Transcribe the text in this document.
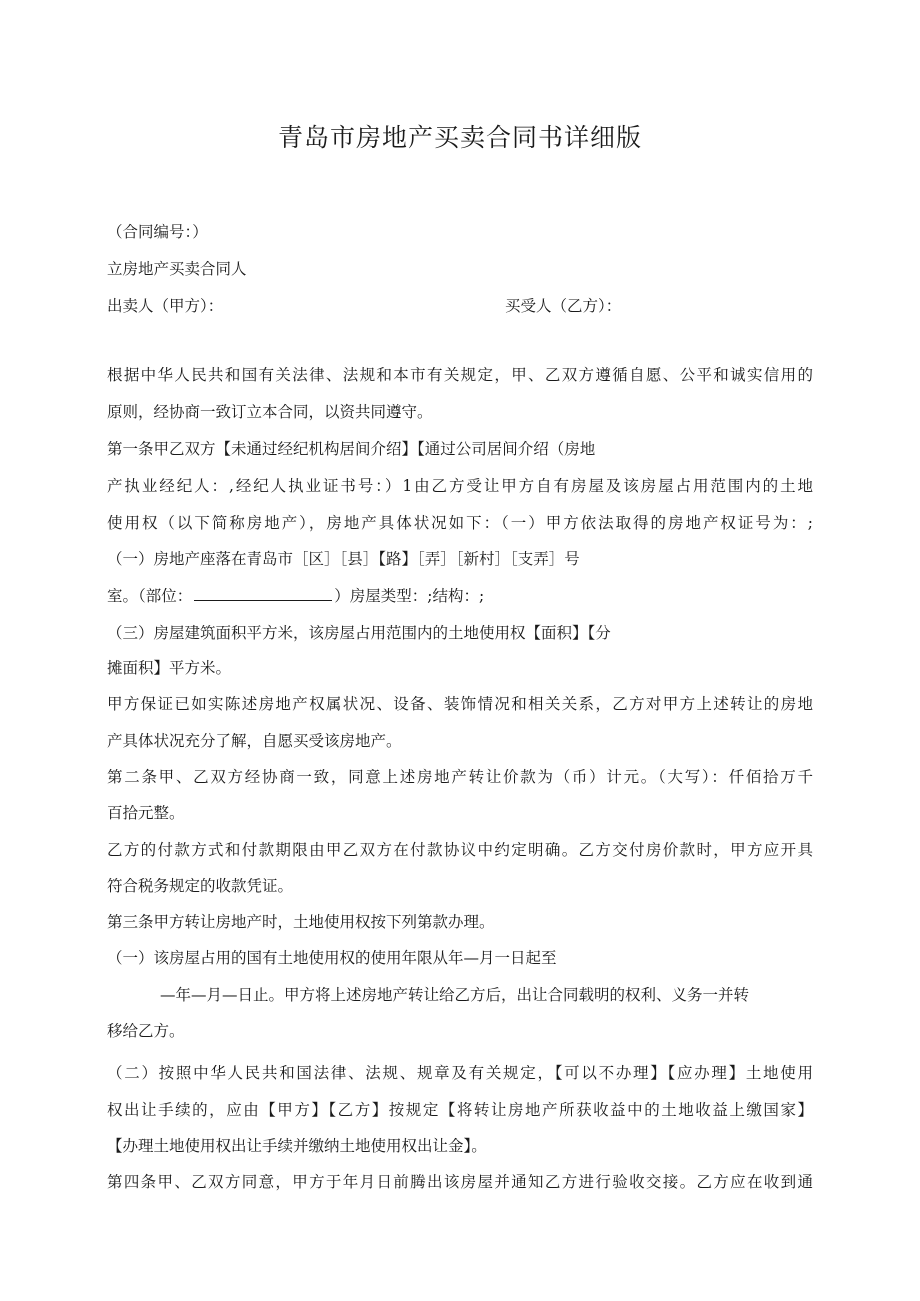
青岛市房地产买卖合同书详细版

（合同编号：）

立房地产买卖合同人

出卖人（甲方）：	买受人（乙方）：

根据中华人民共和国有关法律、法规和本市有关规定，甲、乙双方遵循自愿、公平和诚实信用的

原则，经协商一致订立本合同，以资共同遵守。

第一条甲乙双方【未通过经纪机构居间介绍】【通过公司居间介绍（房地

产执业经纪人：,经纪人执业证书号：）1由乙方受让甲方自有房屋及该房屋占用范围内的土地

使用权（以下简称房地产），房地产具体状况如下：（一）甲方依法取得的房地产权证号为：;

（一）房地产座落在青岛市［区］［县］【路】［弄］［新村］［支弄］号

室。（部位：	）房屋类型：;结构：;

（三）房屋建筑面积平方米，该房屋占用范围内的土地使用权【面积】【分

摊面积】平方米。

甲方保证已如实陈述房地产权属状况、设备、装饰情况和相关关系，乙方对甲方上述转让的房地

产具体状况充分了解，自愿买受该房地产。

第二条甲、乙双方经协商一致，同意上述房地产转让价款为（币）计元。（大写）：仟佰拾万千

百拾元整。

乙方的付款方式和付款期限由甲乙双方在付款协议中约定明确。乙方交付房价款时，甲方应开具

符合税务规定的收款凭证。

第三条甲方转让房地产时，土地使用权按下列第款办理。

（一）该房屋占用的国有土地使用权的使用年限从年—月一日起至

—年—月—日止。甲方将上述房地产转让给乙方后，出让合同载明的权利、义务一并转

移给乙方。

（二）按照中华人民共和国法律、法规、规章及有关规定，【可以不办理】【应办理】土地使用

权出让手续的，应由【甲方】【乙方】按规定【将转让房地产所获收益中的土地收益上缴国家】

【办理土地使用权出让手续并缴纳土地使用权出让金】。

第四条甲、乙双方同意，甲方于年月日前腾出该房屋并通知乙方进行验收交接。乙方应在收到通
